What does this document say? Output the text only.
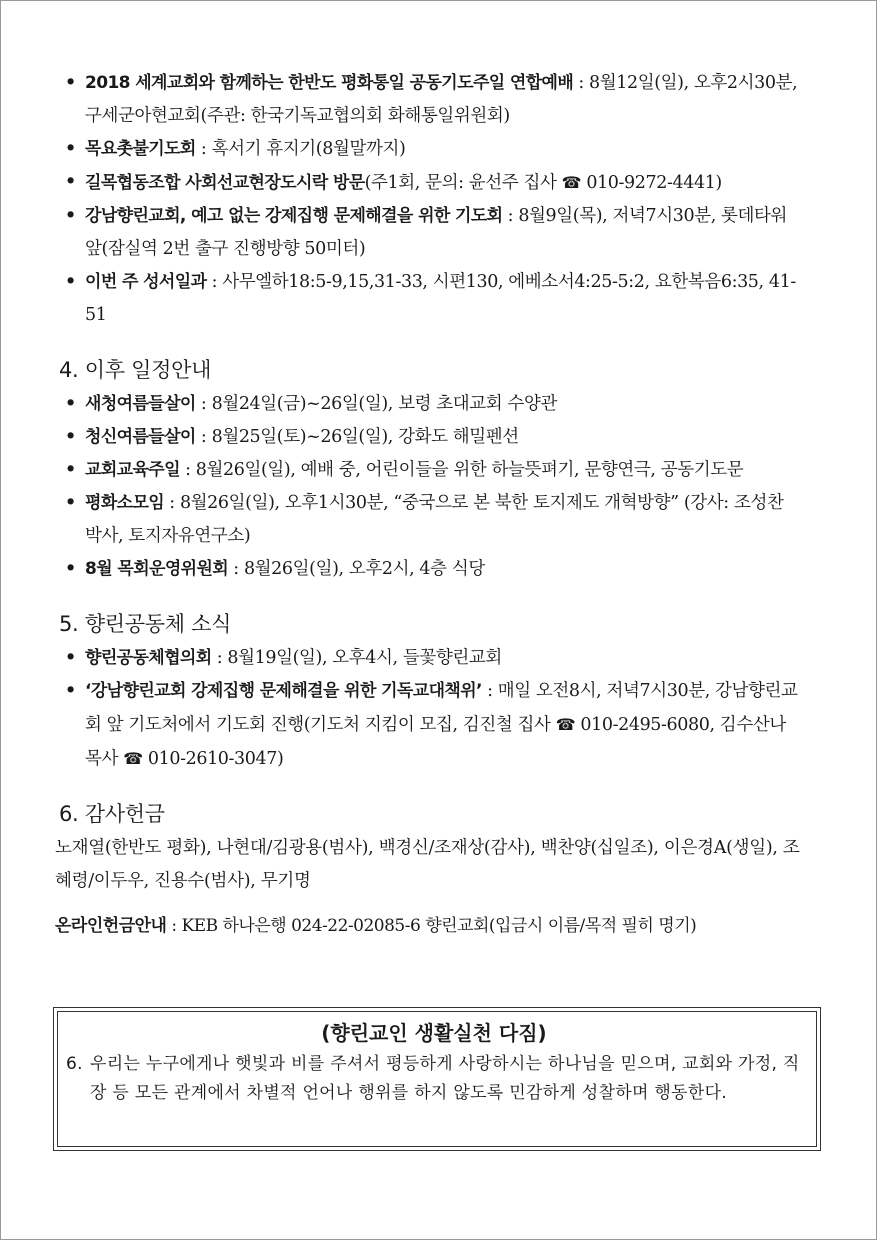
• 2018 세계교회와 함께하는 한반도 평화통일 공동기도주일 연합예배 : 8월12일(일), 오후2시30분, 구세군아현교회(주관: 한국기독교협의회 화해통일위원회)
• 목요촛불기도회 : 혹서기 휴지기(8월말까지)
• 길목협동조합 사회선교현장도시락 방문(주1회, 문의: 윤선주 집사 ☎ 010-9272-4441)
• 강남향린교회, 예고 없는 강제집행 문제해결을 위한 기도회 : 8월9일(목), 저녁7시30분, 롯데타워 앞(잠실역 2번 출구 진행방향 50미터)
• 이번 주 성서일과 : 사무엘하18:5-9,15,31-33, 시편130, 에베소서4:25-5:2, 요한복음6:35, 41-51
4. 이후 일정안내
• 새청여름들살이 : 8월24일(금)~26일(일), 보령 초대교회 수양관
• 청신여름들살이 : 8월25일(토)~26일(일), 강화도 해밀펜션
• 교회교육주일 : 8월26일(일), 예배 중, 어린이들을 위한 하늘뜻펴기, 문향연극, 공동기도문
• 평화소모임 : 8월26일(일), 오후1시30분, “중국으로 본 북한 토지제도 개혁방향” (강사: 조성찬 박사, 토지자유연구소)
• 8월 목회운영위원회 : 8월26일(일), 오후2시, 4층 식당
5. 향린공동체 소식
• 향린공동체협의회 : 8월19일(일), 오후4시, 들꽃향린교회
• ‘강남향린교회 강제집행 문제해결을 위한 기독교대책위’ : 매일 오전8시, 저녁7시30분, 강남향린교회 앞 기도처에서 기도회 진행(기도처 지킴이 모집, 김진철 집사 ☎ 010-2495-6080, 김수산나 목사 ☎ 010-2610-3047)
6. 감사헌금
노재열(한반도 평화), 나현대/김광용(범사), 백경신/조재상(감사), 백찬양(십일조), 이은경A(생일), 조혜령/이두우, 진용수(범사), 무기명
온라인헌금안내 : KEB 하나은행 024-22-02085-6 향린교회(입금시 이름/목적 필히 명기)
(향린교인 생활실천 다짐)
6. 우리는 누구에게나 햇빛과 비를 주셔서 평등하게 사랑하시는 하나님을 믿으며, 교회와 가정, 직장 등 모든 관계에서 차별적 언어나 행위를 하지 않도록 민감하게 성찰하며 행동한다.
